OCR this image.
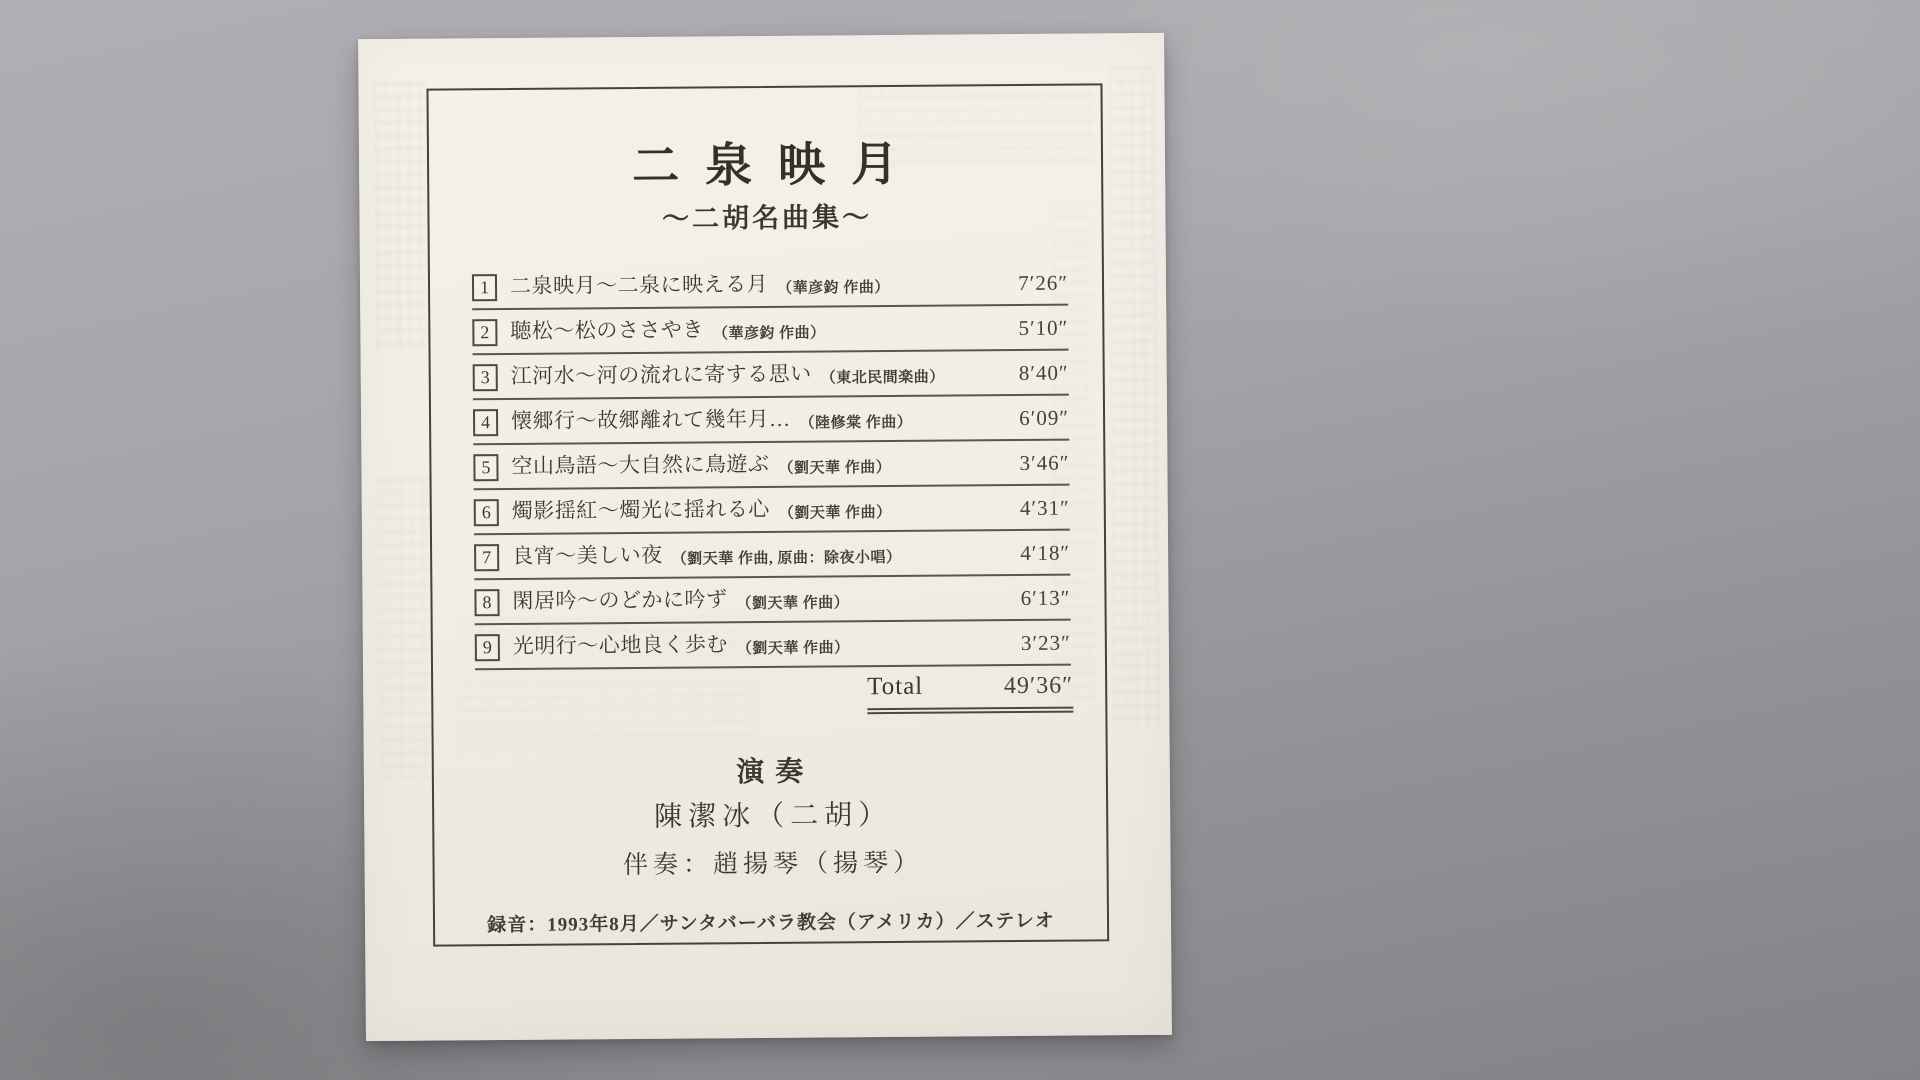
二泉映月
～二胡名曲集～
1 二泉映月～二泉に映える月 （華彦鈞 作曲）	7′26″
2 聴松～松のささやき （華彦鈞 作曲）	5′10″
3 江河水～河の流れに寄する思い （東北民間楽曲）	8′40″
4 懐郷行～故郷離れて幾年月… （陸修棠 作曲）	6′09″
5 空山鳥語～大自然に鳥遊ぶ （劉天華 作曲）	3′46″
6 燭影揺紅～燭光に揺れる心 （劉天華 作曲）	4′31″
7 良宵～美しい夜 （劉天華 作曲, 原曲：除夜小唱）	4′18″
8 閑居吟～のどかに吟ず （劉天華 作曲）	6′13″
9 光明行～心地良く歩む （劉天華 作曲）	3′23″
Total	49′36″
演奏
陳潔冰（二胡）
伴奏：趙揚琴（揚琴）
録音：1993年8月／サンタバーバラ教会（アメリカ）／ステレオ
